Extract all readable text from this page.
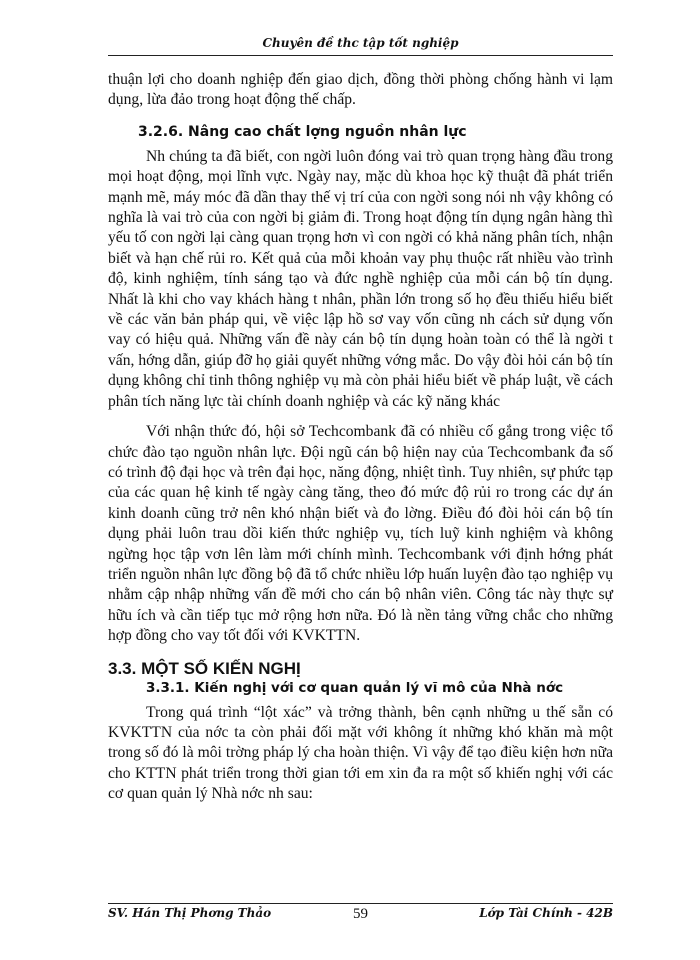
Chuyên đề thc tập tốt nghiệp

thuận lợi cho doanh nghiệp đến giao dịch, đồng thời phòng chống hành vi lạm dụng, lừa đảo trong hoạt động thế chấp.

3.2.6. Nâng cao chất lợng nguồn nhân lực

Nh chúng ta đã biết, con ngời luôn đóng vai trò quan trọng hàng đầu trong mọi hoạt động, mọi lĩnh vực. Ngày nay, mặc dù khoa học kỹ thuật đã phát triển mạnh mẽ, máy móc đã dần thay thế vị trí của con ngời song nói nh vậy không có nghĩa là vai trò của con ngời bị giảm đi. Trong hoạt động tín dụng ngân hàng thì yếu tố con ngời lại càng quan trọng hơn vì con ngời có khả năng phân tích, nhận biết và hạn chế rủi ro. Kết quả của mỗi khoản vay phụ thuộc rất nhiều vào trình độ, kinh nghiệm, tính sáng tạo và đức nghề nghiệp của mỗi cán bộ tín dụng. Nhất là khi cho vay khách hàng t nhân, phần lớn trong số họ đều thiếu hiểu biết về các văn bản pháp qui, về việc lập hồ sơ vay vốn cũng nh cách sử dụng vốn vay có hiệu quả. Những vấn đề này cán bộ tín dụng hoàn toàn có thể là ngời t vấn, hớng dẫn, giúp đỡ họ giải quyết những vớng mắc. Do vậy đòi hỏi cán bộ tín dụng không chỉ tinh thông nghiệp vụ mà còn phải hiểu biết về pháp luật, về cách phân tích năng lực tài chính doanh nghiệp và các kỹ năng khác

Với nhận thức đó, hội sở Techcombank đã có nhiều cố gắng trong việc tổ chức đào tạo nguồn nhân lực. Đội ngũ cán bộ hiện nay của Techcombank đa số có trình độ đại học và trên đại học, năng động, nhiệt tình. Tuy nhiên, sự phức tạp của các quan hệ kinh tế ngày càng tăng, theo đó mức độ rủi ro trong các dự án kinh doanh cũng trở nên khó nhận biết và đo lờng. Điều đó đòi hỏi cán bộ tín dụng phải luôn trau dồi kiến thức nghiệp vụ, tích luỹ kinh nghiệm và không ngừng học tập vơn lên làm mới chính mình. Techcombank với định hớng phát triển nguồn nhân lực đồng bộ đã tổ chức nhiều lớp huấn luyện đào tạo nghiệp vụ nhằm cập nhập những vấn đề mới cho cán bộ nhân viên. Công tác này thực sự hữu ích và cần tiếp tục mở rộng hơn nữa. Đó là nền tảng vững chắc cho những hợp đồng cho vay tốt đối với KVKTTN.

3.3. MỘT SỐ KIẾN NGHỊ
3.3.1. Kiến nghị với cơ quan quản lý vĩ mô của Nhà nớc

Trong quá trình “lột xác” và trởng thành, bên cạnh những u thế sẵn có KVKTTN của nớc ta còn phải đối mặt với không ít những khó khăn mà một trong số đó là môi trờng pháp lý cha hoàn thiện. Vì vậy để tạo điều kiện hơn nữa cho KTTN phát triển trong thời gian tới em xin đa ra một số khiến nghị với các cơ quan quản lý Nhà nớc nh sau:

SV. Hán Thị Phơng Thảo	59	Lớp Tài Chính - 42B
